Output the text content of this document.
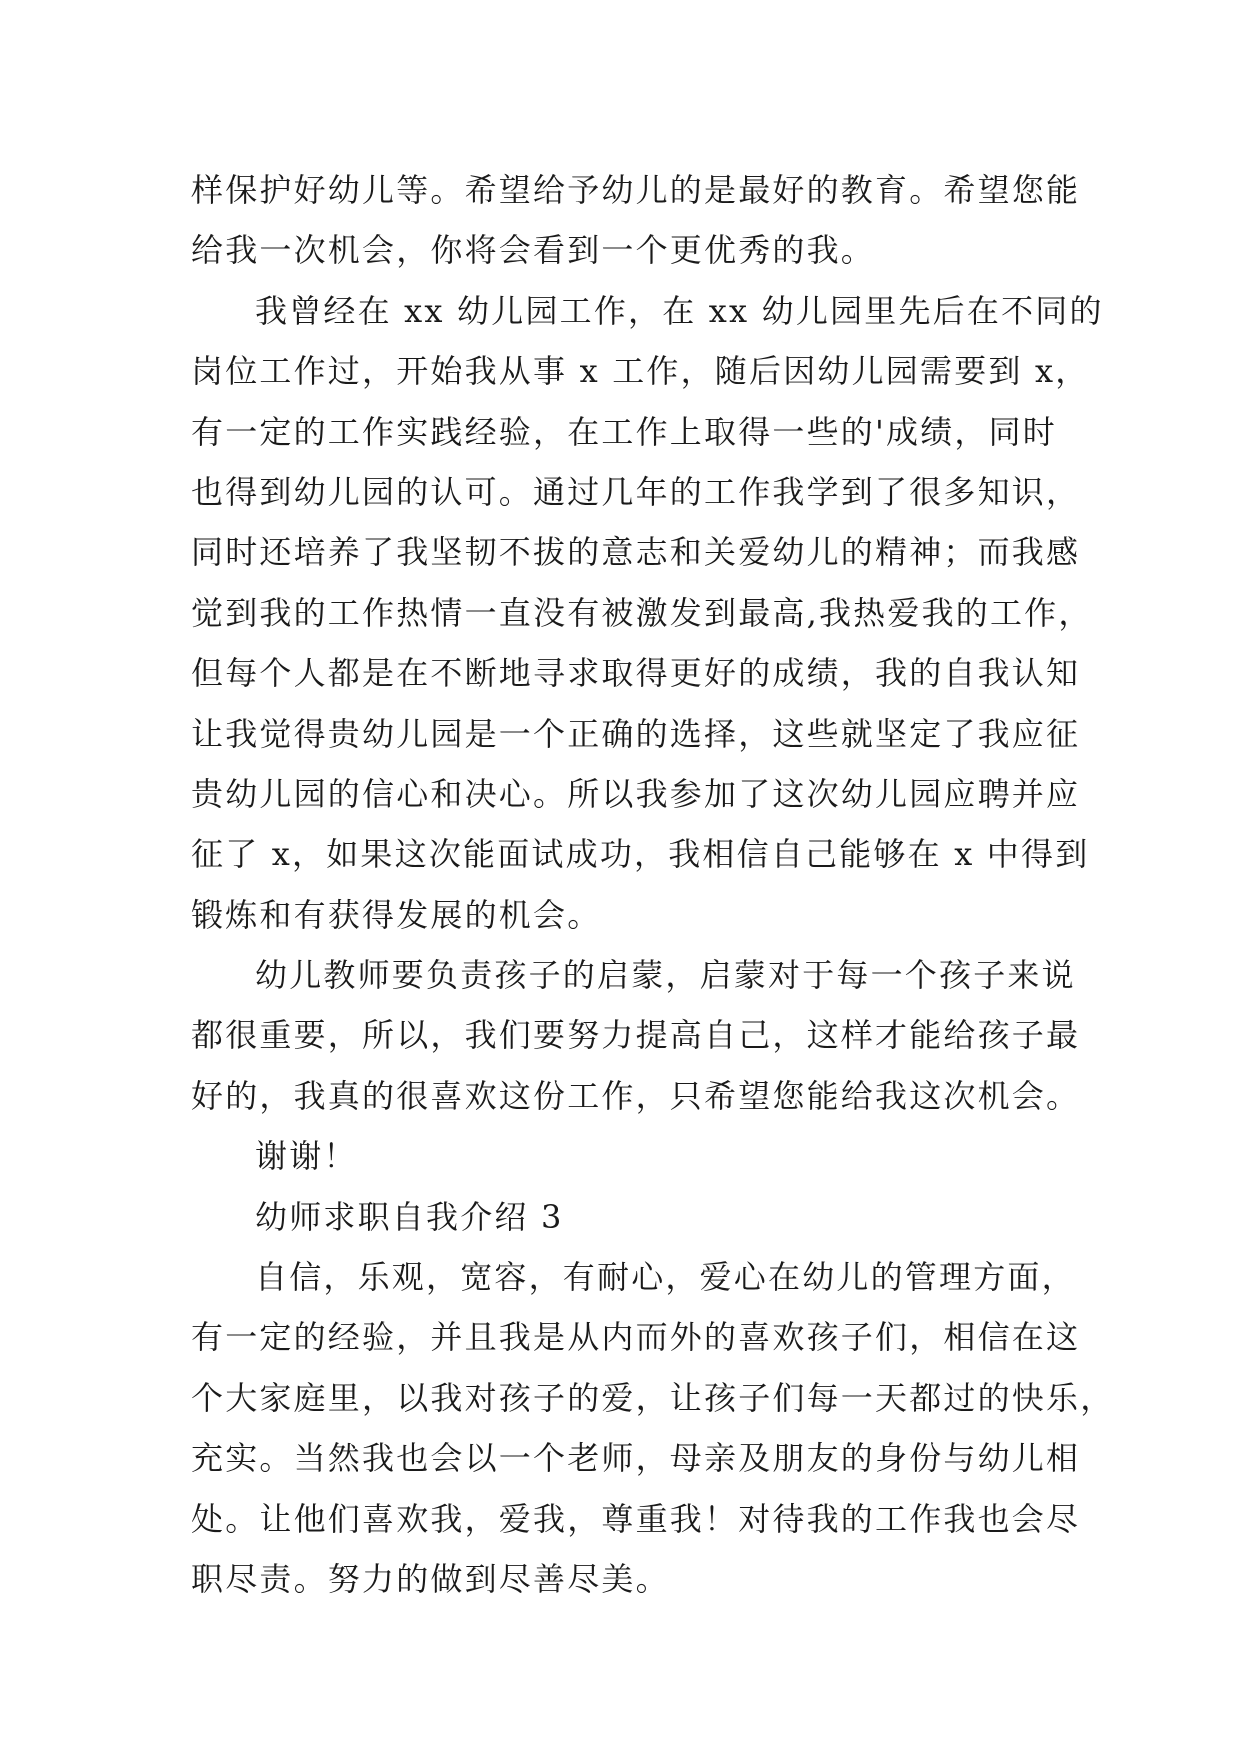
样保护好幼儿等。希望给予幼儿的是最好的教育。希望您能
给我一次机会，你将会看到一个更优秀的我。
我曾经在 xx 幼儿园工作，在 xx 幼儿园里先后在不同的
岗位工作过，开始我从事 x 工作，随后因幼儿园需要到 x，
有一定的工作实践经验，在工作上取得一些的'成绩，同时
也得到幼儿园的认可。通过几年的工作我学到了很多知识，
同时还培养了我坚韧不拔的意志和关爱幼儿的精神；而我感
觉到我的工作热情一直没有被激发到最高,我热爱我的工作，
但每个人都是在不断地寻求取得更好的成绩，我的自我认知
让我觉得贵幼儿园是一个正确的选择，这些就坚定了我应征
贵幼儿园的信心和决心。所以我参加了这次幼儿园应聘并应
征了 x，如果这次能面试成功，我相信自己能够在 x 中得到
锻炼和有获得发展的机会。
幼儿教师要负责孩子的启蒙，启蒙对于每一个孩子来说
都很重要，所以，我们要努力提高自己，这样才能给孩子最
好的，我真的很喜欢这份工作，只希望您能给我这次机会。
谢谢！
幼师求职自我介绍 3
自信，乐观，宽容，有耐心，爱心在幼儿的管理方面，
有一定的经验，并且我是从内而外的喜欢孩子们，相信在这
个大家庭里，以我对孩子的爱，让孩子们每一天都过的快乐，
充实。当然我也会以一个老师，母亲及朋友的身份与幼儿相
处。让他们喜欢我，爱我，尊重我！对待我的工作我也会尽
职尽责。努力的做到尽善尽美。
